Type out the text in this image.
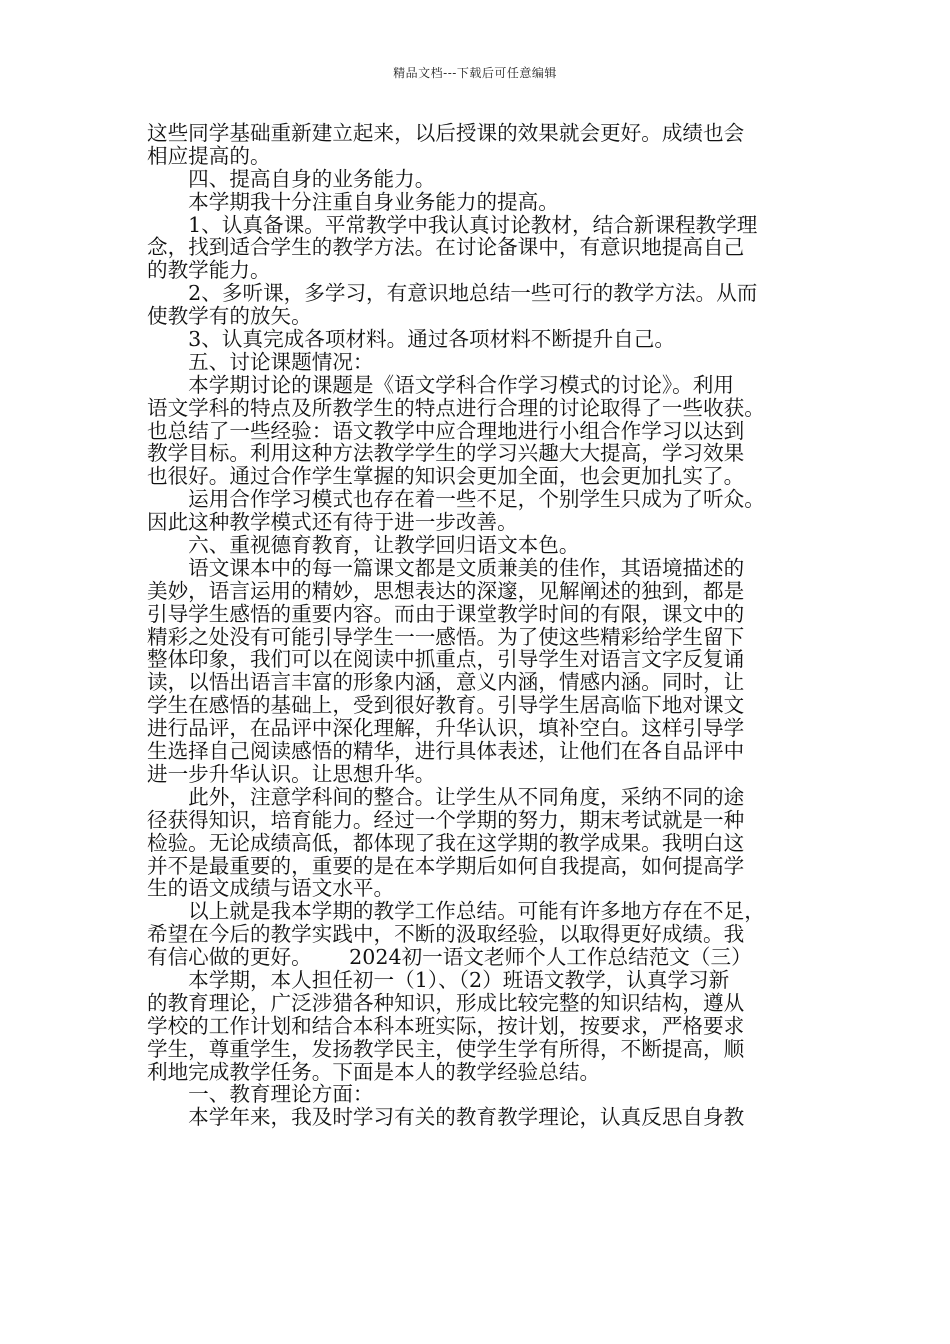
精品文档---下载后可任意编辑
这些同学基础重新建立起来，以后授课的效果就会更好。成绩也会
相应提高的。
　　四、提高自身的业务能力。
　　本学期我十分注重自身业务能力的提高。
　　1、认真备课。平常教学中我认真讨论教材，结合新课程教学理
念，找到适合学生的教学方法。在讨论备课中，有意识地提高自己
的教学能力。
　　2、多听课，多学习，有意识地总结一些可行的教学方法。从而
使教学有的放矢。
　　3、认真完成各项材料。通过各项材料不断提升自己。
　　五、讨论课题情况：
　　本学期讨论的课题是《语文学科合作学习模式的讨论》。利用
语文学科的特点及所教学生的特点进行合理的讨论取得了一些收获。
也总结了一些经验：语文教学中应合理地进行小组合作学习以达到
教学目标。利用这种方法教学学生的学习兴趣大大提高，学习效果
也很好。通过合作学生掌握的知识会更加全面，也会更加扎实了。
　　运用合作学习模式也存在着一些不足，个别学生只成为了听众。
因此这种教学模式还有待于进一步改善。
　　六、重视德育教育，让教学回归语文本色。
　　语文课本中的每一篇课文都是文质兼美的佳作，其语境描述的
美妙，语言运用的精妙，思想表达的深邃，见解阐述的独到，都是
引导学生感悟的重要内容。而由于课堂教学时间的有限，课文中的
精彩之处没有可能引导学生一一感悟。为了使这些精彩给学生留下
整体印象，我们可以在阅读中抓重点，引导学生对语言文字反复诵
读，以悟出语言丰富的形象内涵，意义内涵，情感内涵。同时，让
学生在感悟的基础上，受到很好教育。引导学生居高临下地对课文
进行品评，在品评中深化理解，升华认识，填补空白。这样引导学
生选择自己阅读感悟的精华，进行具体表述，让他们在各自品评中
进一步升华认识。让思想升华。
　　此外，注意学科间的整合。让学生从不同角度，采纳不同的途
径获得知识，培育能力。经过一个学期的努力，期末考试就是一种
检验。无论成绩高低，都体现了我在这学期的教学成果。我明白这
并不是最重要的，重要的是在本学期后如何自我提高，如何提高学
生的语文成绩与语文水平。
　　以上就是我本学期的教学工作总结。可能有许多地方存在不足，
希望在今后的教学实践中，不断的汲取经验，以取得更好成绩。我
有信心做的更好。　　 2024初一语文老师个人工作总结范文（三）
　　本学期，本人担任初一（1）、（2）班语文教学，认真学习新
的教育理论，广泛涉猎各种知识，形成比较完整的知识结构，遵从
学校的工作计划和结合本科本班实际，按计划，按要求，严格要求
学生，尊重学生，发扬教学民主，使学生学有所得，不断提高，顺
利地完成教学任务。下面是本人的教学经验总结。
　　一、教育理论方面：
　　本学年来，我及时学习有关的教育教学理论，认真反思自身教
